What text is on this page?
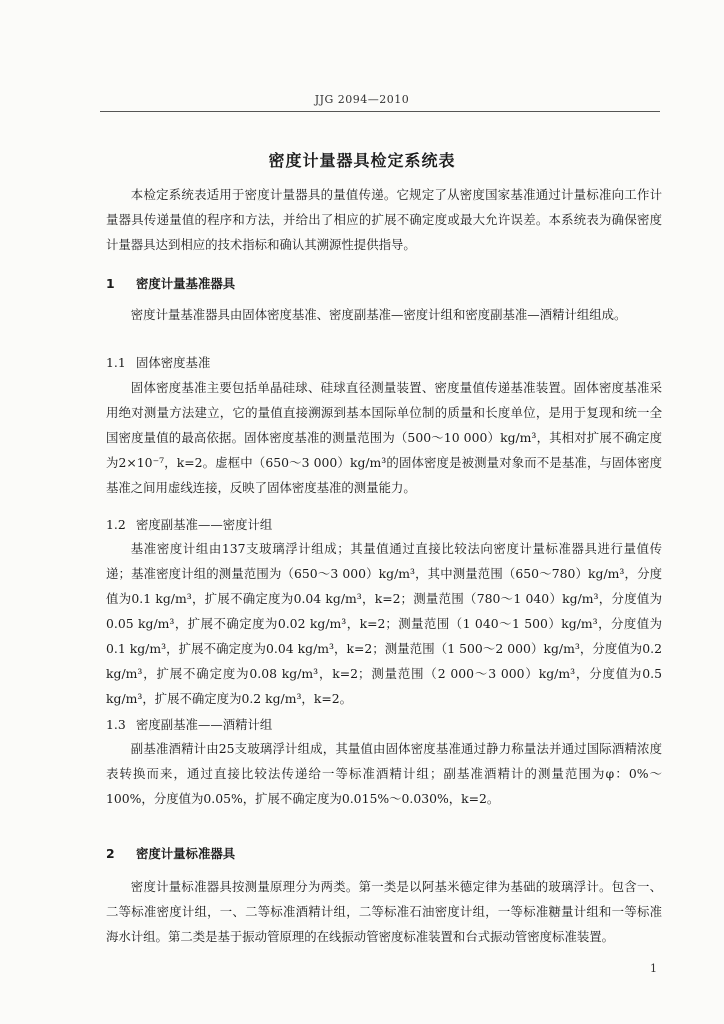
JJG 2094—2010
密度计量器具检定系统表

本检定系统表适用于密度计量器具的量值传递。它规定了从密度国家基准通过计量标准向工作计量器具传递量值的程序和方法，并给出了相应的扩展不确定度或最大允许误差。本系统表为确保密度计量器具达到相应的技术指标和确认其溯源性提供指导。

1 密度计量基准器具

密度计量基准器具由固体密度基准、密度副基准—密度计组和密度副基准—酒精计组组成。

1.1 固体密度基准

固体密度基准主要包括单晶硅球、硅球直径测量装置、密度量值传递基准装置。固体密度基准采用绝对测量方法建立，它的量值直接溯源到基本国际单位制的质量和长度单位，是用于复现和统一全国密度量值的最高依据。固体密度基准的测量范围为（500～10 000）kg/m³，其相对扩展不确定度为2×10⁻⁷，k=2。虚框中（650～3 000）kg/m³的固体密度是被测量对象而不是基准，与固体密度基准之间用虚线连接，反映了固体密度基准的测量能力。

1.2 密度副基准——密度计组

基准密度计组由137支玻璃浮计组成；其量值通过直接比较法向密度计量标准器具进行量值传递；基准密度计组的测量范围为（650～3 000）kg/m³，其中测量范围（650～780）kg/m³，分度值为0.1 kg/m³，扩展不确定度为0.04 kg/m³，k=2；测量范围（780～1 040）kg/m³，分度值为0.05 kg/m³，扩展不确定度为0.02 kg/m³，k=2；测量范围（1 040～1 500）kg/m³，分度值为0.1 kg/m³，扩展不确定度为0.04 kg/m³，k=2；测量范围（1 500～2 000）kg/m³，分度值为0.2 kg/m³，扩展不确定度为0.08 kg/m³，k=2；测量范围（2 000～3 000）kg/m³，分度值为0.5 kg/m³，扩展不确定度为0.2 kg/m³，k=2。

1.3 密度副基准——酒精计组

副基准酒精计由25支玻璃浮计组成，其量值由固体密度基准通过静力称量法并通过国际酒精浓度表转换而来，通过直接比较法传递给一等标准酒精计组；副基准酒精计的测量范围为φ：0%～100%，分度值为0.05%，扩展不确定度为0.015%～0.030%，k=2。

2 密度计量标准器具

密度计量标准器具按测量原理分为两类。第一类是以阿基米德定律为基础的玻璃浮计。包含一、二等标准密度计组，一、二等标准酒精计组，二等标准石油密度计组，一等标准糖量计组和一等标准海水计组。第二类是基于振动管原理的在线振动管密度标准装置和台式振动管密度标准装置。

1
